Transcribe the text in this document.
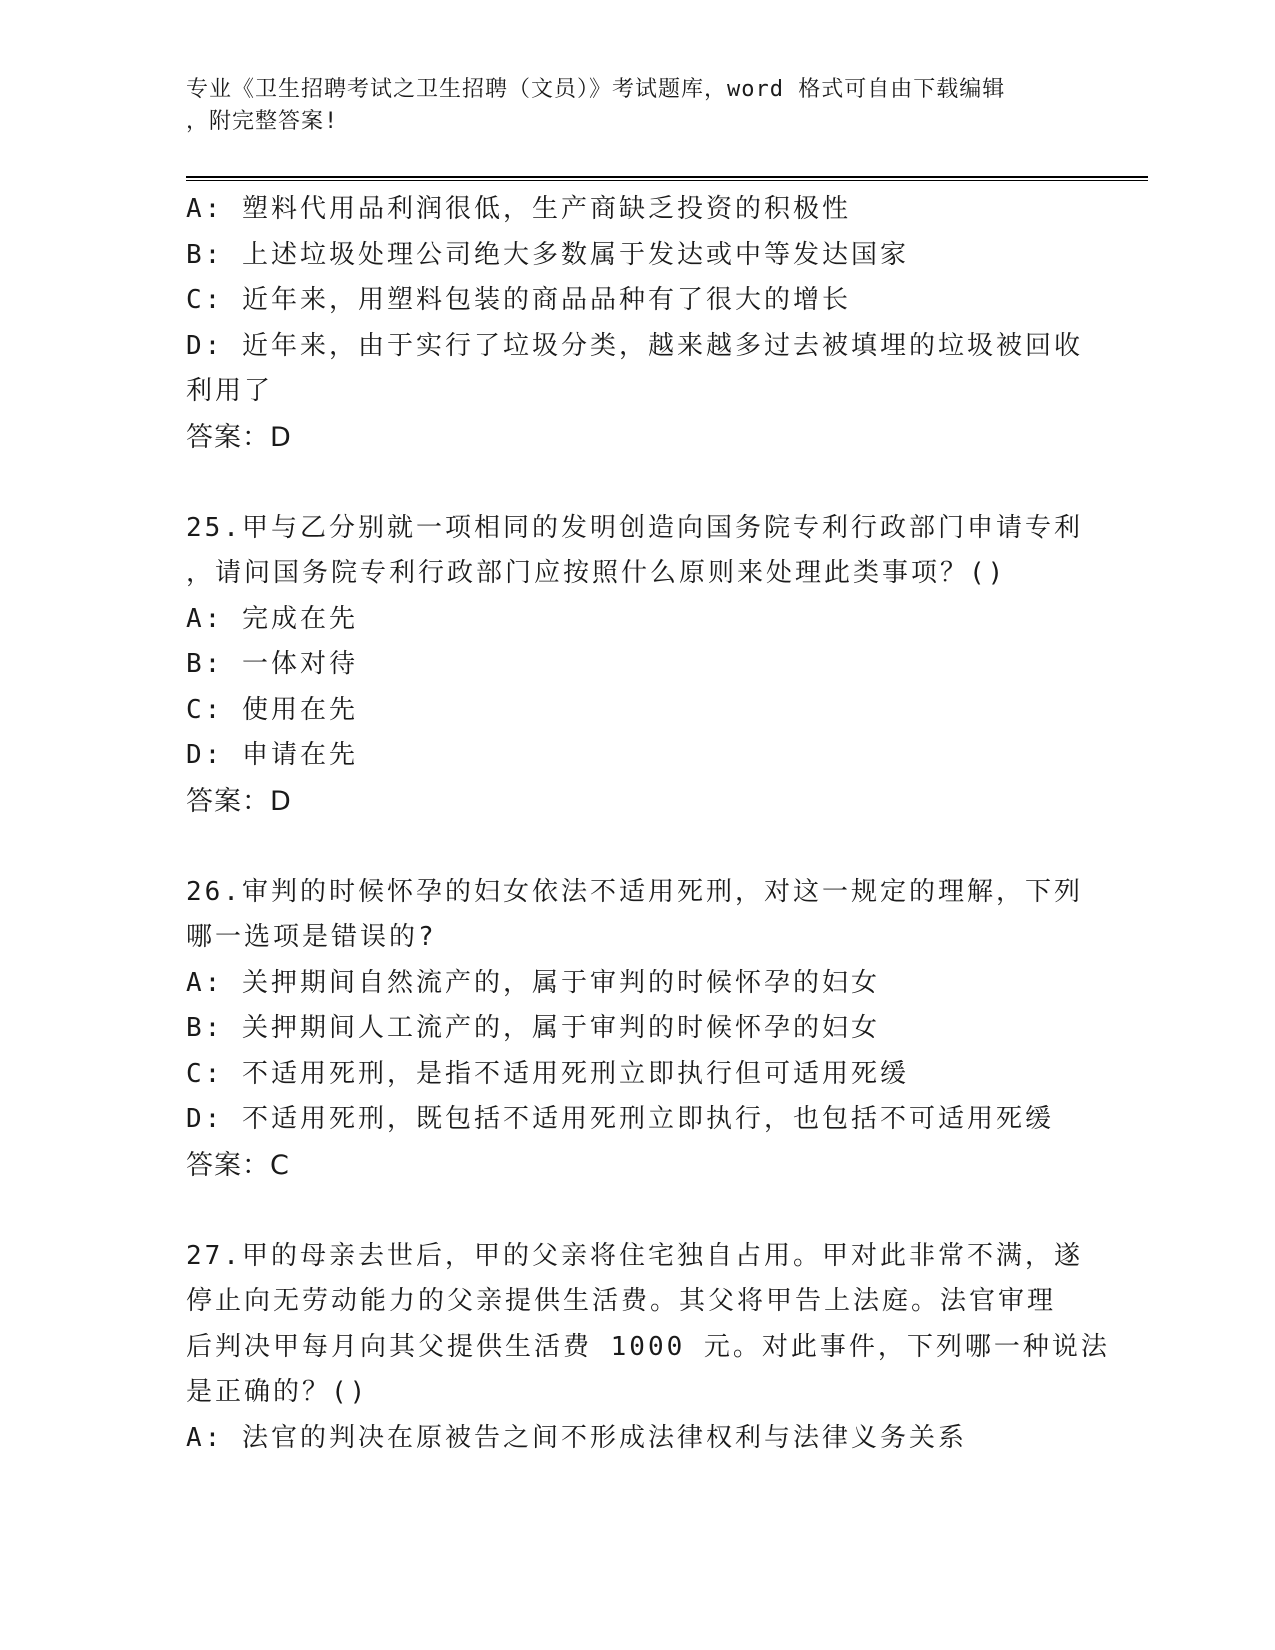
专业《卫生招聘考试之卫生招聘（文员）》考试题库，word 格式可自由下载编辑
，附完整答案!
A: 塑料代用品利润很低，生产商缺乏投资的积极性
B: 上述垃圾处理公司绝大多数属于发达或中等发达国家
C: 近年来，用塑料包装的商品品种有了很大的增长
D: 近年来，由于实行了垃圾分类，越来越多过去被填埋的垃圾被回收
利用了
答案：D
25.甲与乙分别就一项相同的发明创造向国务院专利行政部门申请专利
，请问国务院专利行政部门应按照什么原则来处理此类事项？()
A: 完成在先
B: 一体对待
C: 使用在先
D: 申请在先
答案：D
26.审判的时候怀孕的妇女依法不适用死刑，对这一规定的理解，下列
哪一选项是错误的?
A: 关押期间自然流产的，属于审判的时候怀孕的妇女
B: 关押期间人工流产的，属于审判的时候怀孕的妇女
C: 不适用死刑，是指不适用死刑立即执行但可适用死缓
D: 不适用死刑，既包括不适用死刑立即执行，也包括不可适用死缓
答案：C
27.甲的母亲去世后，甲的父亲将住宅独自占用。甲对此非常不满，遂
停止向无劳动能力的父亲提供生活费。其父将甲告上法庭。法官审理
后判决甲每月向其父提供生活费 1000 元。对此事件，下列哪一种说法
是正确的？()
A: 法官的判决在原被告之间不形成法律权利与法律义务关系
